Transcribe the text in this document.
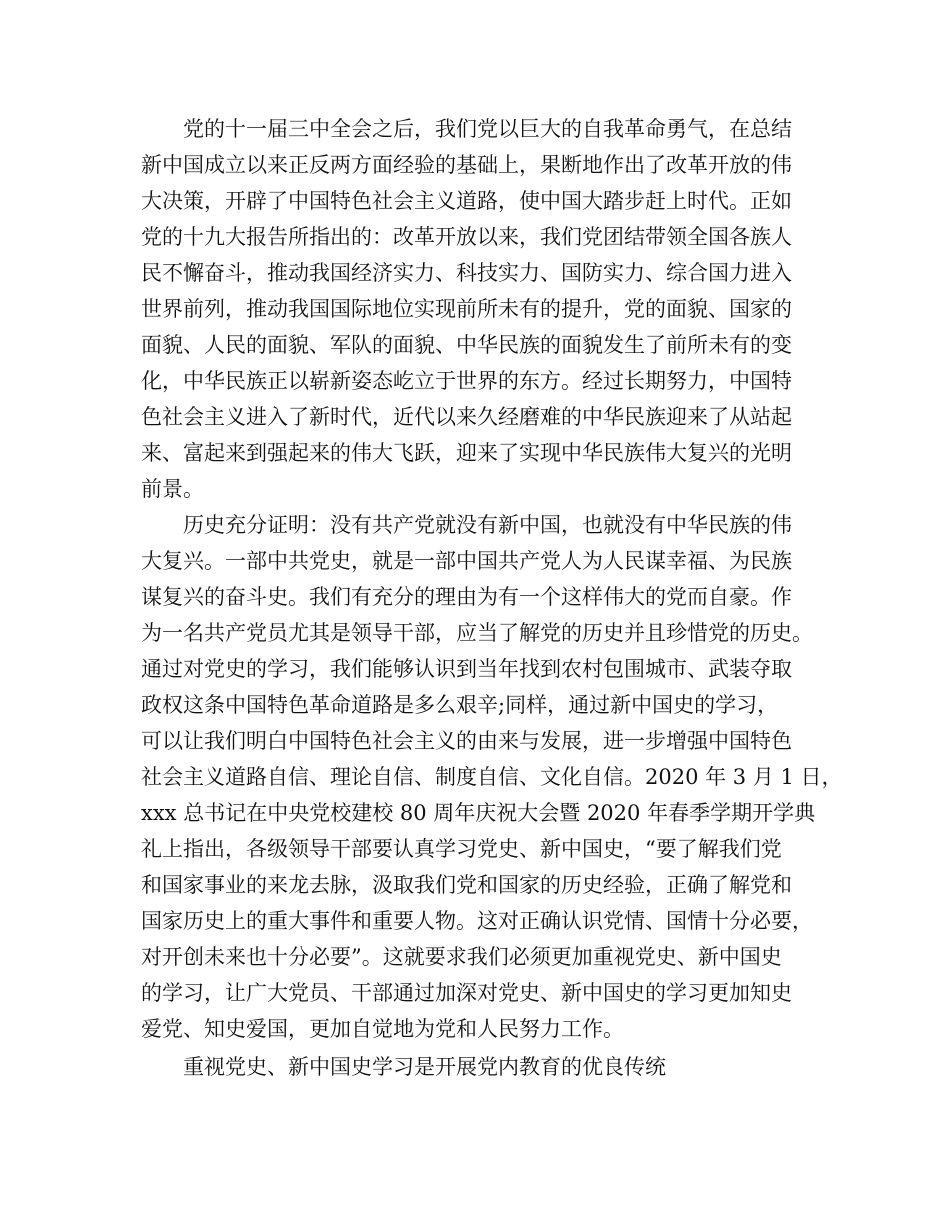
党的十一届三中全会之后，我们党以巨大的自我革命勇气，在总结
新中国成立以来正反两方面经验的基础上，果断地作出了改革开放的伟
大决策，开辟了中国特色社会主义道路，使中国大踏步赶上时代。正如
党的十九大报告所指出的：改革开放以来，我们党团结带领全国各族人
民不懈奋斗，推动我国经济实力、科技实力、国防实力、综合国力进入
世界前列，推动我国国际地位实现前所未有的提升，党的面貌、国家的
面貌、人民的面貌、军队的面貌、中华民族的面貌发生了前所未有的变
化，中华民族正以崭新姿态屹立于世界的东方。经过长期努力，中国特
色社会主义进入了新时代，近代以来久经磨难的中华民族迎来了从站起
来、富起来到强起来的伟大飞跃，迎来了实现中华民族伟大复兴的光明
前景。
历史充分证明：没有共产党就没有新中国，也就没有中华民族的伟
大复兴。一部中共党史，就是一部中国共产党人为人民谋幸福、为民族
谋复兴的奋斗史。我们有充分的理由为有一个这样伟大的党而自豪。作
为一名共产党员尤其是领导干部，应当了解党的历史并且珍惜党的历史。
通过对党史的学习，我们能够认识到当年找到农村包围城市、武装夺取
政权这条中国特色革命道路是多么艰辛;同样，通过新中国史的学习，
可以让我们明白中国特色社会主义的由来与发展，进一步增强中国特色
社会主义道路自信、理论自信、制度自信、文化自信。2020 年 3 月 1 日，
xxx 总书记在中央党校建校 80 周年庆祝大会暨 2020 年春季学期开学典
礼上指出，各级领导干部要认真学习党史、新中国史，“要了解我们党
和国家事业的来龙去脉，汲取我们党和国家的历史经验，正确了解党和
国家历史上的重大事件和重要人物。这对正确认识党情、国情十分必要，
对开创未来也十分必要”。这就要求我们必须更加重视党史、新中国史
的学习，让广大党员、干部通过加深对党史、新中国史的学习更加知史
爱党、知史爱国，更加自觉地为党和人民努力工作。
重视党史、新中国史学习是开展党内教育的优良传统
